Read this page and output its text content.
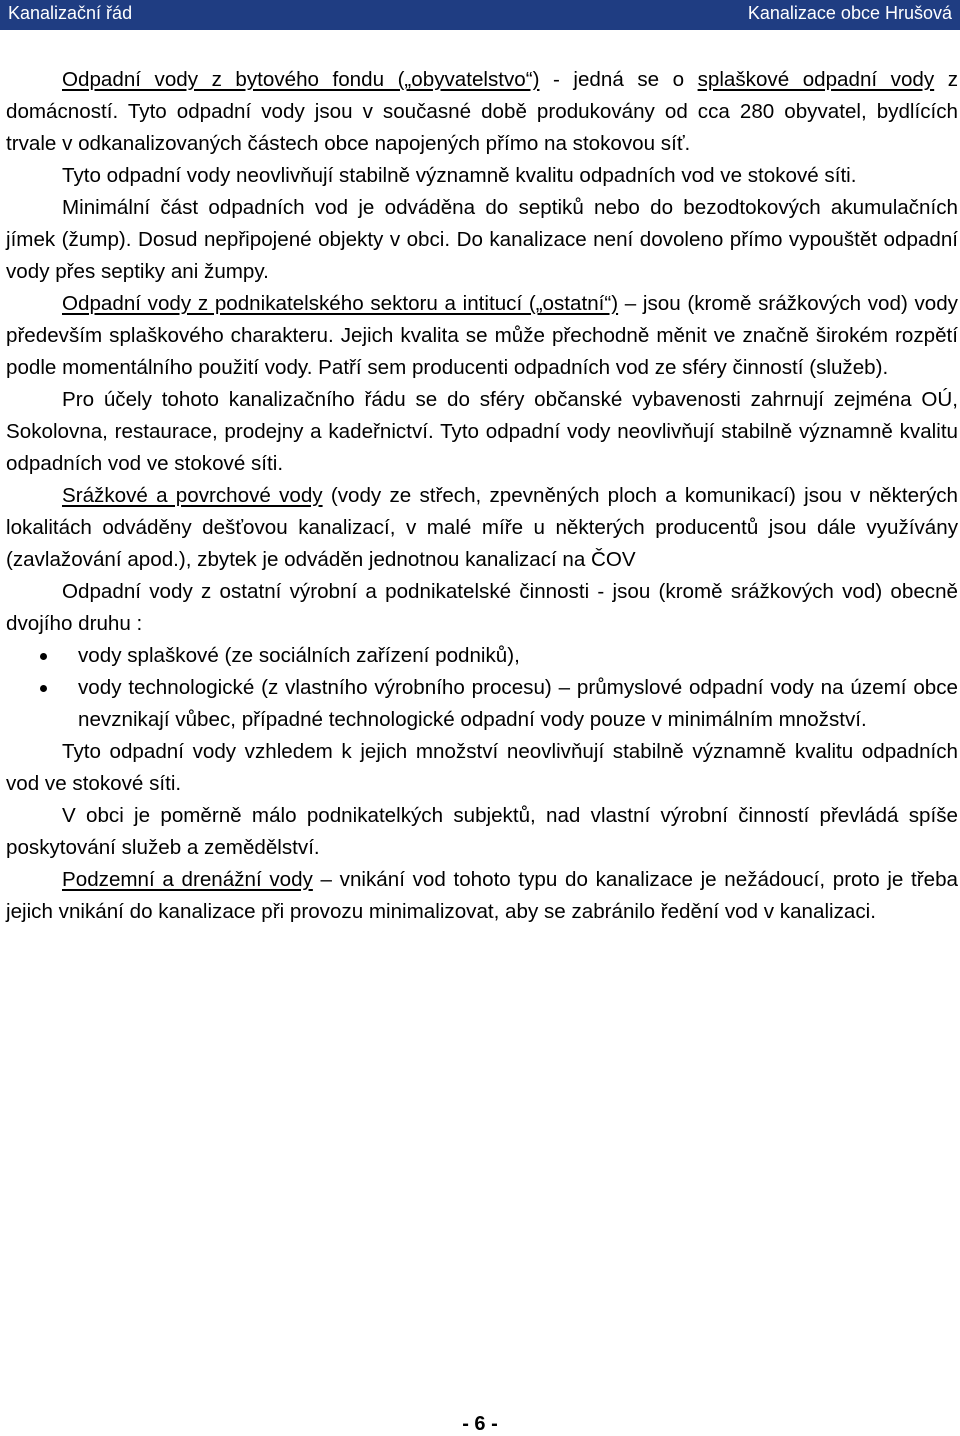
Kanalizační řád	Kanalizace obce Hrušová

Odpadní vody z bytového fondu („obyvatelstvo“) - jedná se o splaškové odpadní vody z domácností. Tyto odpadní vody jsou v současné době produkovány od cca 280 obyvatel, bydlících trvale v odkanalizovaných částech obce napojených přímo na stokovou síť.

Tyto odpadní vody neovlivňují stabilně významně kvalitu odpadních vod ve stokové síti.

Minimální část odpadních vod je odváděna do septiků nebo do bezodtokových akumulačních jímek (žump). Dosud nepřipojené objekty v obci. Do kanalizace není dovoleno přímo vypouštět odpadní vody přes septiky ani žumpy.

Odpadní vody z podnikatelského sektoru a intitucí („ostatní“) – jsou (kromě srážkových vod) vody především splaškového charakteru. Jejich kvalita se může přechodně měnit ve značně širokém rozpětí podle momentálního použití vody. Patří sem producenti odpadních vod ze sféry činností (služeb).

Pro účely tohoto kanalizačního řádu se do sféry občanské vybavenosti zahrnují zejména OÚ, Sokolovna, restaurace, prodejny a kadeřnictví. Tyto odpadní vody neovlivňují stabilně významně kvalitu odpadních vod ve stokové síti.

Srážkové a povrchové vody (vody ze střech, zpevněných ploch a komunikací) jsou v některých lokalitách odváděny dešťovou kanalizací, v malé míře u některých producentů jsou dále využívány (zavlažování apod.), zbytek je odváděn jednotnou kanalizací na ČOV

Odpadní vody z ostatní výrobní a podnikatelské činnosti - jsou (kromě srážkových vod) obecně dvojího druhu :

vody splaškové (ze sociálních zařízení podniků),
vody technologické (z vlastního výrobního procesu) – průmyslové odpadní vody na území obce nevznikají vůbec, případné technologické odpadní vody pouze v minimálním množství.

Tyto odpadní vody vzhledem k jejich množství neovlivňují stabilně významně kvalitu odpadních vod ve stokové síti.

V obci je poměrně málo podnikatelkých subjektů, nad vlastní výrobní činností převládá spíše poskytování služeb a zemědělství.

Podzemní a drenážní vody – vnikání vod tohoto typu do kanalizace je nežádoucí, proto je třeba jejich vnikání do kanalizace při provozu minimalizovat, aby se zabránilo ředění vod v kanalizaci.

- 6 -
